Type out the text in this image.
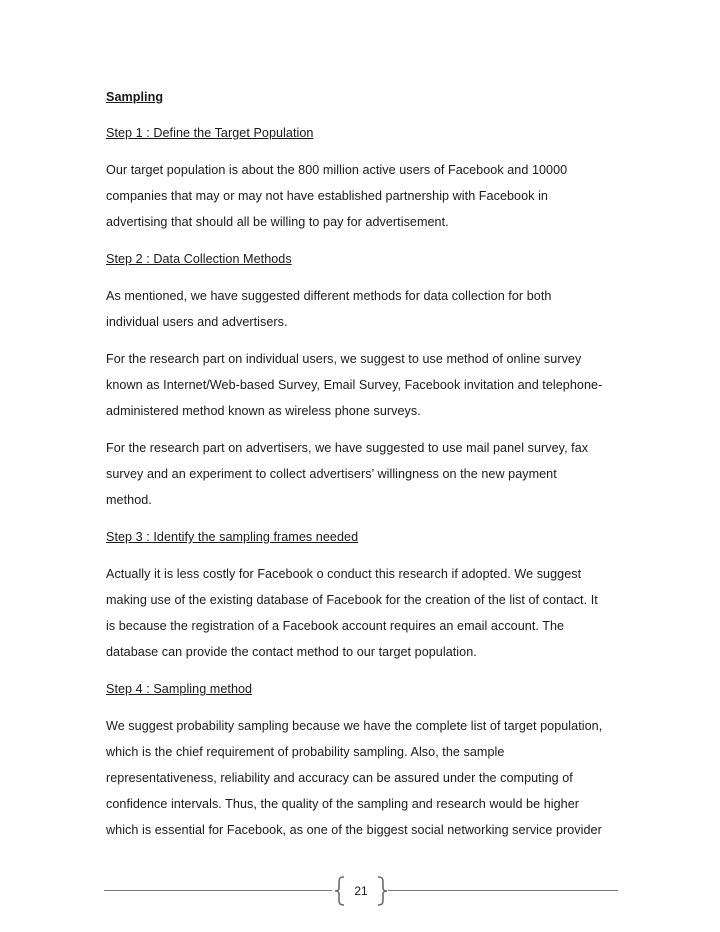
Sampling
Step 1 : Define the Target Population
Our target population is about the 800 million active users of Facebook and 10000
companies that may or may not have established partnership with Facebook in
advertising that should all be willing to pay for advertisement.
Step 2 : Data Collection Methods
As mentioned, we have suggested different methods for data collection for both
individual users and advertisers.
For the research part on individual users, we suggest to use method of online survey
known as Internet/Web-based Survey, Email Survey, Facebook invitation and telephone-
administered method known as wireless phone surveys.
For the research part on advertisers, we have suggested to use mail panel survey, fax
survey and an experiment to collect advertisers’ willingness on the new payment
method.
Step 3 : Identify the sampling frames needed
Actually it is less costly for Facebook o conduct this research if adopted. We suggest
making use of the existing database of Facebook for the creation of the list of contact. It
is because the registration of a Facebook account requires an email account. The
database can provide the contact method to our target population.
Step 4 : Sampling method
We suggest probability sampling because we have the complete list of target population,
which is the chief requirement of probability sampling. Also, the sample
representativeness, reliability and accuracy can be assured under the computing of
confidence intervals. Thus, the quality of the sampling and research would be higher
which is essential for Facebook, as one of the biggest social networking service provider
21
